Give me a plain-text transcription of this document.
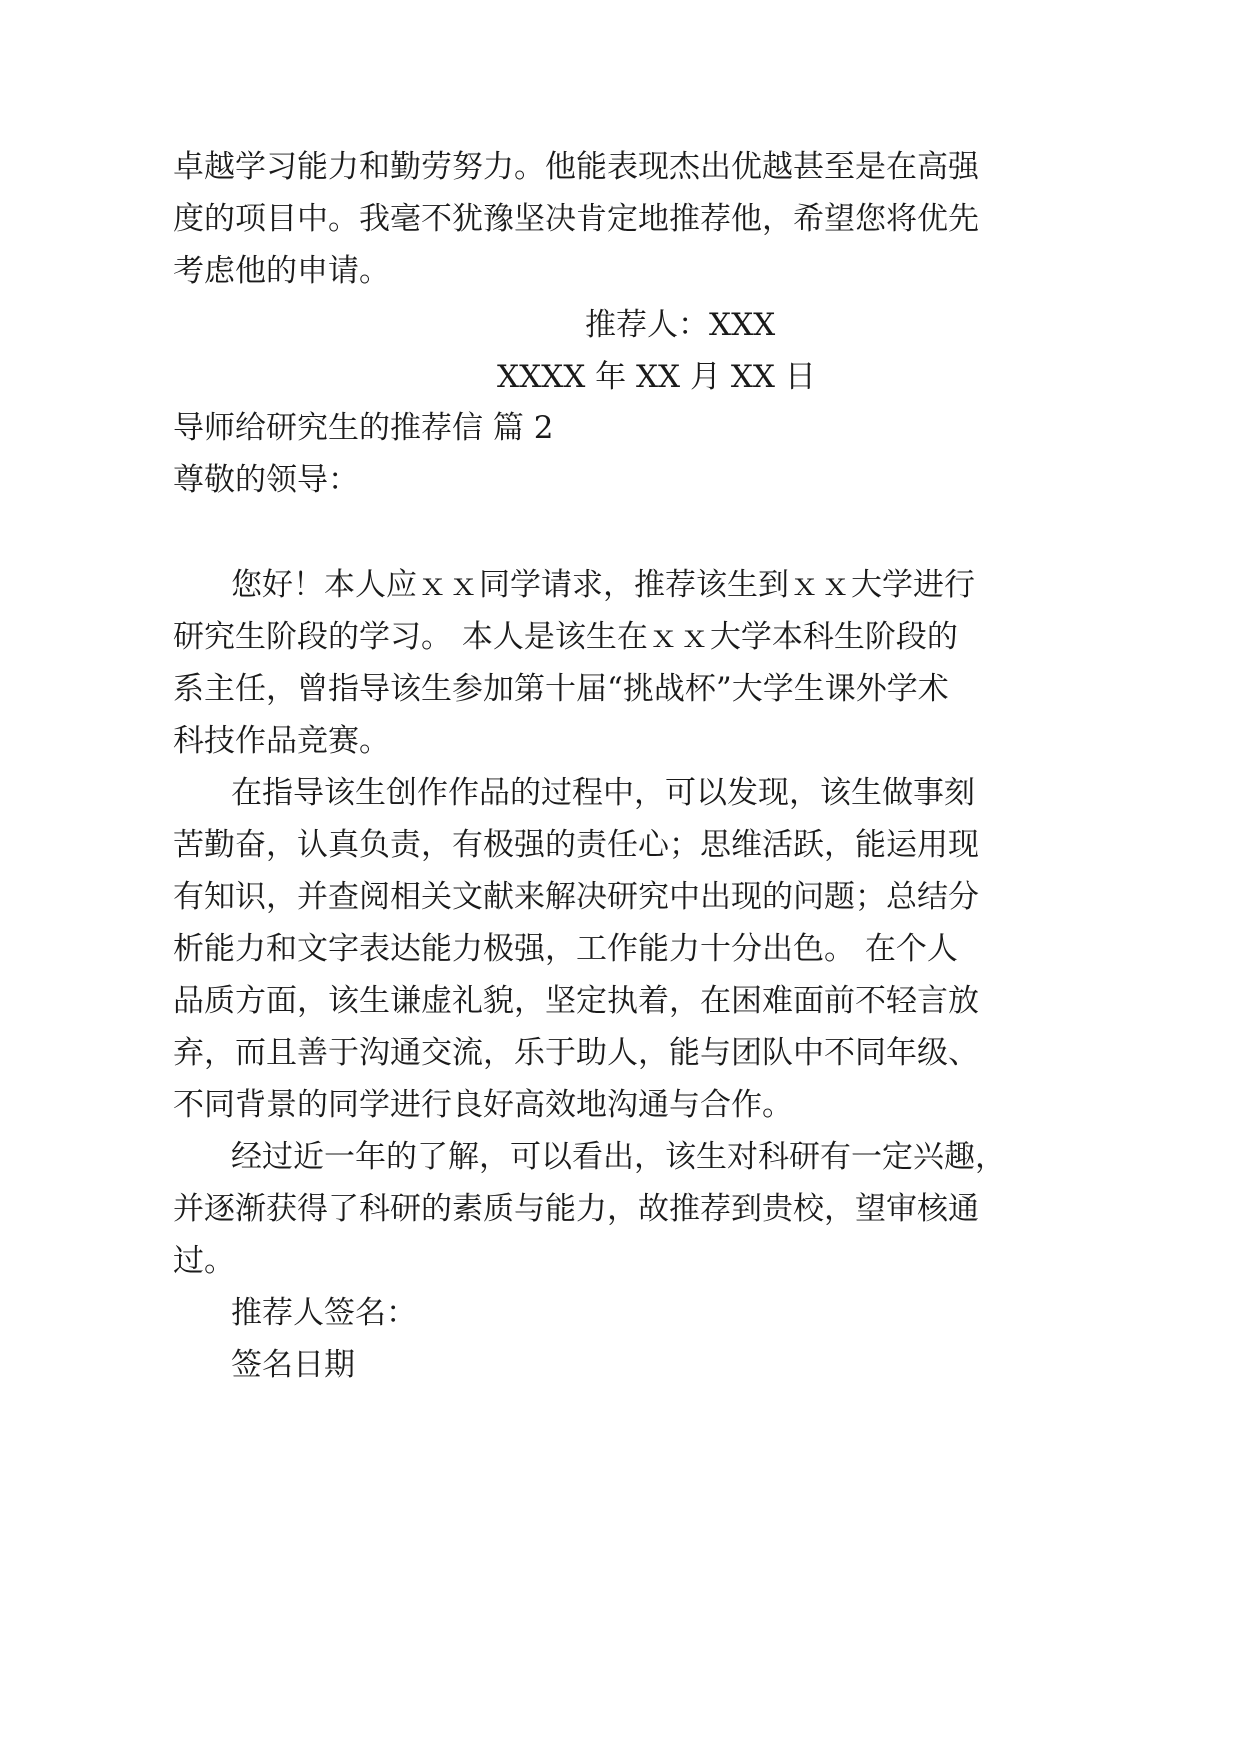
卓越学习能力和勤劳努力。他能表现杰出优越甚至是在高强

度的项目中。我毫不犹豫坚决肯定地推荐他，希望您将优先

考虑他的申请。

推荐人：XXX

XXXX 年 XX 月 XX 日

导师给研究生的推荐信 篇 2

尊敬的领导：

您好！本人应ｘｘ同学请求，推荐该生到ｘｘ大学进行

研究生阶段的学习。 本人是该生在ｘｘ大学本科生阶段的

系主任，曾指导该生参加第十届“挑战杯”大学生课外学术

科技作品竞赛。

在指导该生创作作品的过程中，可以发现，该生做事刻

苦勤奋，认真负责，有极强的责任心；思维活跃，能运用现

有知识，并查阅相关文献来解决研究中出现的问题；总结分

析能力和文字表达能力极强，工作能力十分出色。 在个人

品质方面，该生谦虚礼貌，坚定执着，在困难面前不轻言放

弃，而且善于沟通交流，乐于助人，能与团队中不同年级、

不同背景的同学进行良好高效地沟通与合作。

经过近一年的了解，可以看出，该生对科研有一定兴趣，

并逐渐获得了科研的素质与能力，故推荐到贵校，望审核通

过。

推荐人签名：

签名日期
